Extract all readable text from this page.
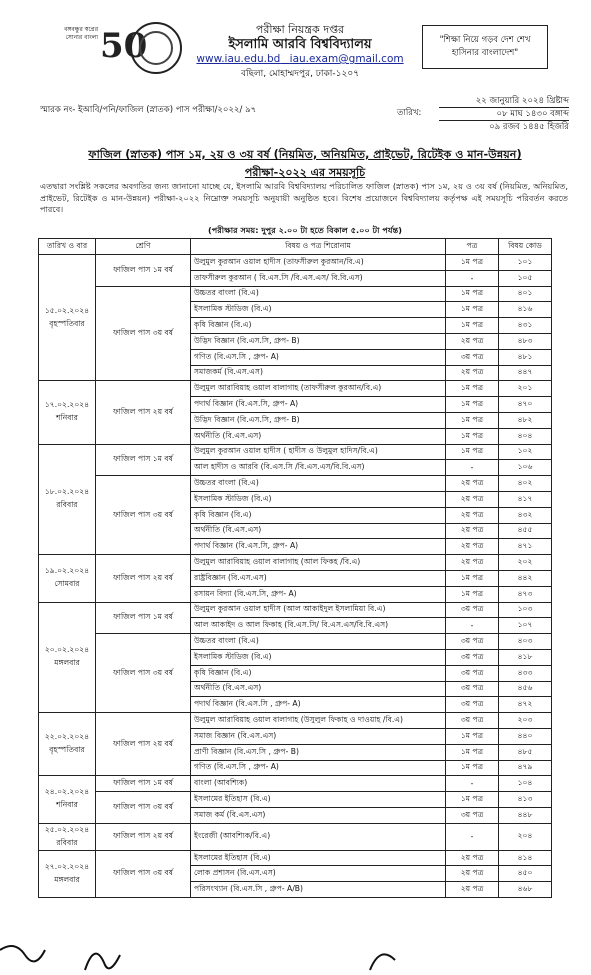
বঙ্গবন্ধুর স্বপ্নের সোনার বাংলা 50	পরীক্ষা নিয়ন্ত্রক দপ্তর
ইসলামি আরবি বিশ্ববিদ্যালয়
www.iau.edu.bd iau.exam@gmail.com
বছিলা, মোহাম্মদপুর, ঢাকা-১২০৭
"শিক্ষা নিয়ে গড়ব দেশ শেখ হাসিনার বাংলাদেশ"
স্মারক নং- ইআবি/পনি/ফাজিল (স্নাতক) পাস পরীক্ষা/২০২২/ ৯৭	তারিখ:
২২ জানুয়ারি ২০২৪ খ্রিষ্টাব্দ
০৮ মাঘ ১৪৩০ বঙ্গাব্দ
০৯ রজব ১৪৪৫ হিজরি
ফাজিল (স্নাতক) পাস ১ম, ২য় ও ৩য় বর্ষ (নিয়মিত, অনিয়মিত, প্রাইভেট, রিটেইক ও মান-উন্নয়ন)
পরীক্ষা-২০২২ এর সময়সূচি
এতদ্বারা সংশ্লিষ্ট সকলের অবগতির জন্য জানানো যাচ্ছে যে, ইসলামি আরবি বিশ্ববিদ্যালয় পরিচালিত ফাজিল (স্নাতক) পাস ১ম, ২য় ও ৩য় বর্ষ (নিয়মিত, অনিয়মিত, প্রাইভেট, রিটেইক ও মান-উন্নয়ন) পরীক্ষা-২০২২ নিম্নোক্ত সময়সূচি অনুযায়ী অনুষ্ঠিত হবে। বিশেষ প্রয়োজনে বিশ্ববিদ্যালয় কর্তৃপক্ষ এই সময়সূচি পরিবর্তন করতে পারবে।
(পরীক্ষার সময়: দুপুর ২.০০ টা হতে বিকাল ৫.০০ টা পর্যন্ত)
তারিখ ও বার	শ্রেণি	বিষয় ও পত্র শিরোনাম	পত্র	বিষয় কোড

১৫.০২.২০২৪
বৃহস্পতিবার	ফাজিল পাস ১ম বর্ষ	উলুমুল কুরআন ওয়াল হাদীস (তাফসীরুল কুরআন/বি.এ)	১ম পত্র	১০১
		তাফসীরুল কুরআন ( বি.এস.সি /বি.এস.এস/ বি.বি.এস)	-	১০৫
	ফাজিল পাস ৩য় বর্ষ	উচ্চতর বাংলা (বি.এ)	১ম পত্র	৪০১
		ইসলামিক স্টাডিজ (বি.এ)	১ম পত্র	৪১৬
		কৃষি বিজ্ঞান (বি.এ)	১ম পত্র	৪৩১
		উদ্ভিদ বিজ্ঞান (বি.এস.সি, গ্রুপ- B)	২য় পত্র	৪৮৩
		গণিত (বি.এস.সি , গ্রুপ- A)	৩য় পত্র	৪৮১
		সমাজকর্ম (বি.এস.এস)	২য় পত্র	৪৪৭

১৭.০২.২০২৪
শনিবার	ফাজিল পাস ২য় বর্ষ	উলুমুল আরাবিয়াহ ওয়াল বালাগাহ (তাফসীরুল কুরআন/বি.এ)	১ম পত্র	২০১
		পদার্থ বিজ্ঞান (বি.এস.সি, গ্রুপ- A)	১ম পত্র	৪৭০
		উদ্ভিদ বিজ্ঞান (বি.এস.সি, গ্রুপ- B)	১ম পত্র	৪৮২
		অর্থনীতি (বি.এস.এস)	১ম পত্র	৪০৪

১৮.০২.২০২৪
রবিবার	ফাজিল পাস ১ম বর্ষ	উলুমুল কুরআন ওয়াল হাদীস ( হাদীস ও উলুমুল হাদিস/বি.এ)	১ম পত্র	১০২
		আল হাদীস ও আরবি (বি.এস.সি /বি.এস.এস/বি.বি.এস)	-	১০৬
	ফাজিল পাস ৩য় বর্ষ	উচ্চতর বাংলা (বি.এ)	২য় পত্র	৪০২
		ইসলামিক স্টাডিজ (বি.এ)	২য় পত্র	৪১৭
		কৃষি বিজ্ঞান (বি.এ)	২য় পত্র	৪৩২
		অর্থনীতি (বি.এস.এস)	২য় পত্র	৪৫৫
		পদার্থ বিজ্ঞান (বি.এস.সি, গ্রুপ- A)	২য় পত্র	৪৭১

১৯.০২.২০২৪
সোমবার	ফাজিল পাস ২য় বর্ষ	উলুমুল আরাবিয়াহ ওয়াল বালাগাহ (আল ফিকহ /বি.এ)	২য় পত্র	২০২
		রাষ্ট্রবিজ্ঞান (বি.এস.এস)	১ম পত্র	৪৪২
		রসায়ন বিদ্যা (বি.এস.সি, গ্রুপ- A)	১ম পত্র	৪৭৩

২০.০২.২০২৪
মঙ্গলবার	ফাজিল পাস ১ম বর্ষ	উলুমুল কুরআন ওয়াল হাদীস (আল আকাইদুল ইসলামিয়া বি.এ)	৩য় পত্র	১০৩
		আল আকাইদ ও আল ফিকাহ (বি.এস.সি/ বি.এস.এস/বি.বি.এস)	-	১০৭
	ফাজিল পাস ৩য় বর্ষ	উচ্চতর বাংলা (বি.এ)	৩য় পত্র	৪০৩
		ইসলামিক স্টাডিজ (বি.এ)	৩য় পত্র	৪১৮
		কৃষি বিজ্ঞান (বি.এ)	৩য় পত্র	৪৩৩
		অর্থনীতি (বি.এস.এস)	৩য় পত্র	৪৫৬
		পদার্থ বিজ্ঞান (বি.এস.সি , গ্রুপ- A)	৩য় পত্র	৪৭২

২২.০২.২০২৪
বৃহস্পতিবার	ফাজিল পাস ২য় বর্ষ	উলুমুল আরাবিয়াহ ওয়াল বালাগাহ (উসুলুল ফিকাহ ও দাওয়াহ /বি.এ)	৩য় পত্র	২০৩
		সমাজ বিজ্ঞান (বি.এস.এস)	১ম পত্র	৪৪০
		প্রাণী বিজ্ঞান (বি.এস.সি , গ্রুপ- B)	১ম পত্র	৪৮৫
		গণিত (বি.এস.সি , গ্রুপ- A)	১ম পত্র	৪৭৯

২৪.০২.২০২৪
শনিবার	ফাজিল পাস ১ম বর্ষ	বাংলা (আবশ্যিক)	-	১০৪
	ফাজিল পাস ৩য় বর্ষ	ইসলামের ইতিহাস (বি.এ)	১ম পত্র	৪১৩
		সমাজ কর্ম (বি.এস.এস)	৩য় পত্র	৪৪৮

২৫.০২.২০২৪
রবিবার	ফাজিল পাস ২য় বর্ষ	ইংরেজী (আবশ্যিক/বি.এ)	-	২০৪

২৭.০২.২০২৪
মঙ্গলবার	ফাজিল পাস ৩য় বর্ষ	ইসলামের ইতিহাস (বি.এ)	২য় পত্র	৪১৪
		লোক প্রশাসন (বি.এস.এস)	২য় পত্র	৪৫০
		পরিসংখ্যান (বি.এস.সি , গ্রুপ- A/B)	২য় পত্র	৪৬৮
